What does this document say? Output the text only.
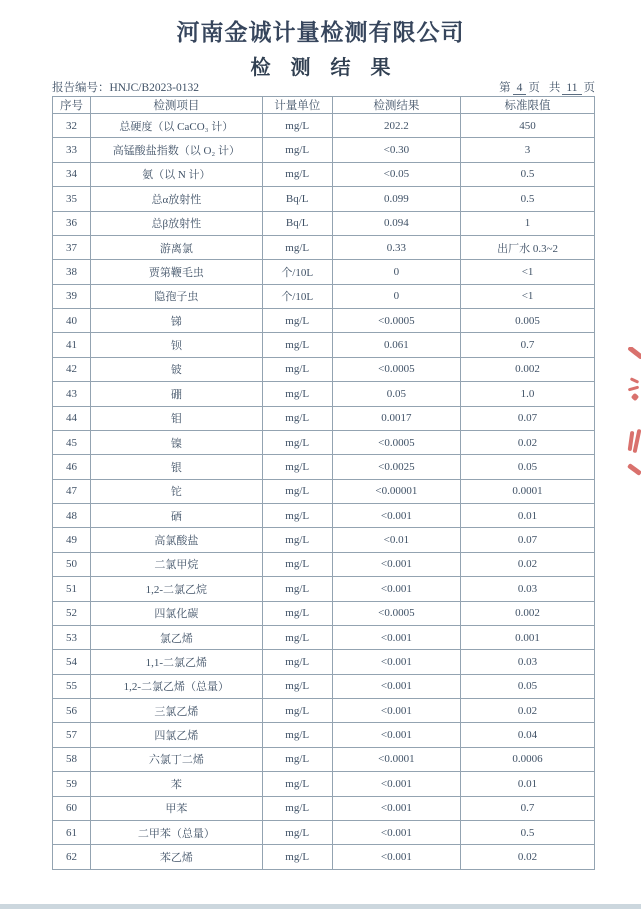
河南金诚计量检测有限公司
检测结果
报告编号：HNJC/B2023-0132	第 4 页 共 11 页
序号	检测项目	计量单位	检测结果	标准限值
32	总硬度（以 CaCO₃ 计）	mg/L	202.2	450
33	高锰酸盐指数（以 O₂ 计）	mg/L	<0.30	3
34	氨（以 N 计）	mg/L	<0.05	0.5
35	总α放射性	Bq/L	0.099	0.5
36	总β放射性	Bq/L	0.094	1
37	游离氯	mg/L	0.33	出厂水 0.3~2
38	贾第鞭毛虫	个/10L	0	<1
39	隐孢子虫	个/10L	0	<1
40	锑	mg/L	<0.0005	0.005
41	钡	mg/L	0.061	0.7
42	铍	mg/L	<0.0005	0.002
43	硼	mg/L	0.05	1.0
44	钼	mg/L	0.0017	0.07
45	镍	mg/L	<0.0005	0.02
46	银	mg/L	<0.0025	0.05
47	铊	mg/L	<0.00001	0.0001
48	硒	mg/L	<0.001	0.01
49	高氯酸盐	mg/L	<0.01	0.07
50	二氯甲烷	mg/L	<0.001	0.02
51	1,2-二氯乙烷	mg/L	<0.001	0.03
52	四氯化碳	mg/L	<0.0005	0.002
53	氯乙烯	mg/L	<0.001	0.001
54	1,1-二氯乙烯	mg/L	<0.001	0.03
55	1,2-二氯乙烯（总量）	mg/L	<0.001	0.05
56	三氯乙烯	mg/L	<0.001	0.02
57	四氯乙烯	mg/L	<0.001	0.04
58	六氯丁二烯	mg/L	<0.0001	0.0006
59	苯	mg/L	<0.001	0.01
60	甲苯	mg/L	<0.001	0.7
61	二甲苯（总量）	mg/L	<0.001	0.5
62	苯乙烯	mg/L	<0.001	0.02
